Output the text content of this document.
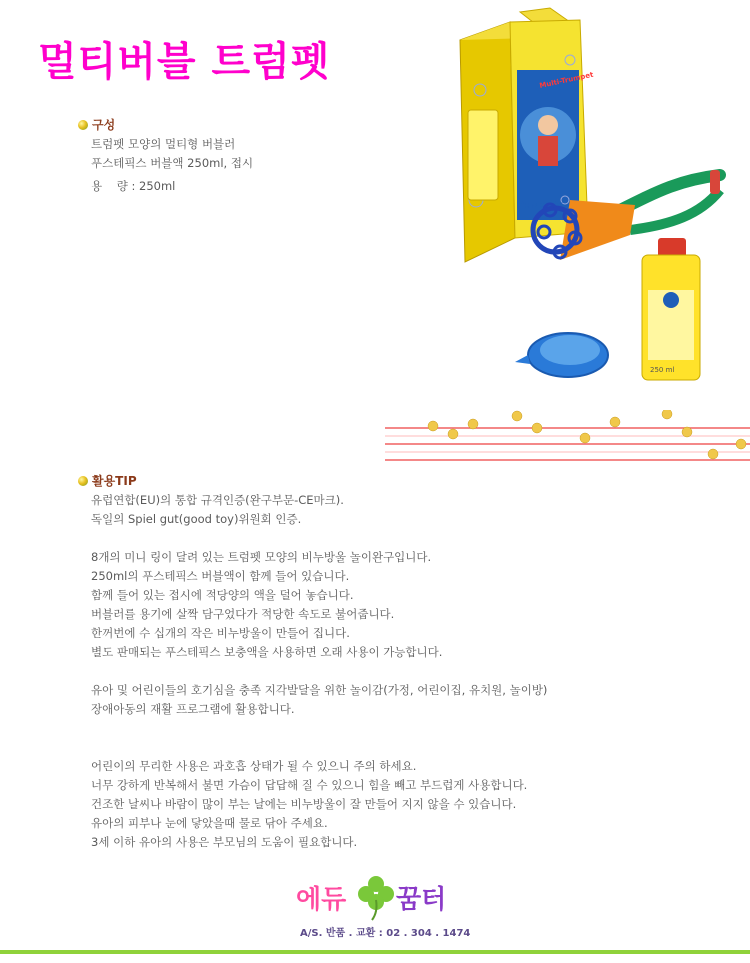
멀티버블 트럼펫
구성
트럼펫 모양의 멀티형 버블러
푸스테픽스 버블액 250ml, 접시
용    량 : 250ml
Pustefix
Multi-Trumpet
250 ml
활용TIP
유럽연합(EU)의 통합 규격인증(완구부문-CE마크).
독일의 Spiel gut(good toy)위원회 인증.
8개의 미니 링이 달려 있는 트럼펫 모양의 비누방울 놀이완구입니다.
250ml의 푸스테픽스 버블액이 함께 들어 있습니다.
함께 들어 있는 접시에 적당양의 액을 덜어 놓습니다.
버블러를 용기에 살짝 담구었다가 적당한 속도로 불어줍니다.
한꺼번에 수 십개의 작은 비누방울이 만들어 집니다.
별도 판매되는 푸스테픽스 보충액을 사용하면 오래 사용이 가능합니다.
유아 및 어린이들의 호기심을 충족 지각발달을 위한 놀이감(가정, 어린이집, 유치원, 놀이방)
장애아동의 재활 프로그램에 활용합니다.
어린이의 무리한 사용은 과호흡 상태가 될 수 있으니 주의 하세요.
너무 강하게 반복해서 불면 가슴이 답답해 질 수 있으니 힘을 빼고 부드럽게 사용합니다.
건조한 날씨나 바람이 많이 부는 날에는 비누방울이 잘 만들어 지지 않을 수 있습니다.
유아의 피부나 눈에 닿았을때 물로 닦아 주세요.
3세 이하 유아의 사용은 부모님의 도움이 필요합니다.
에듀 꿈터
A/S. 반품 . 교환 : 02 . 304 . 1474
